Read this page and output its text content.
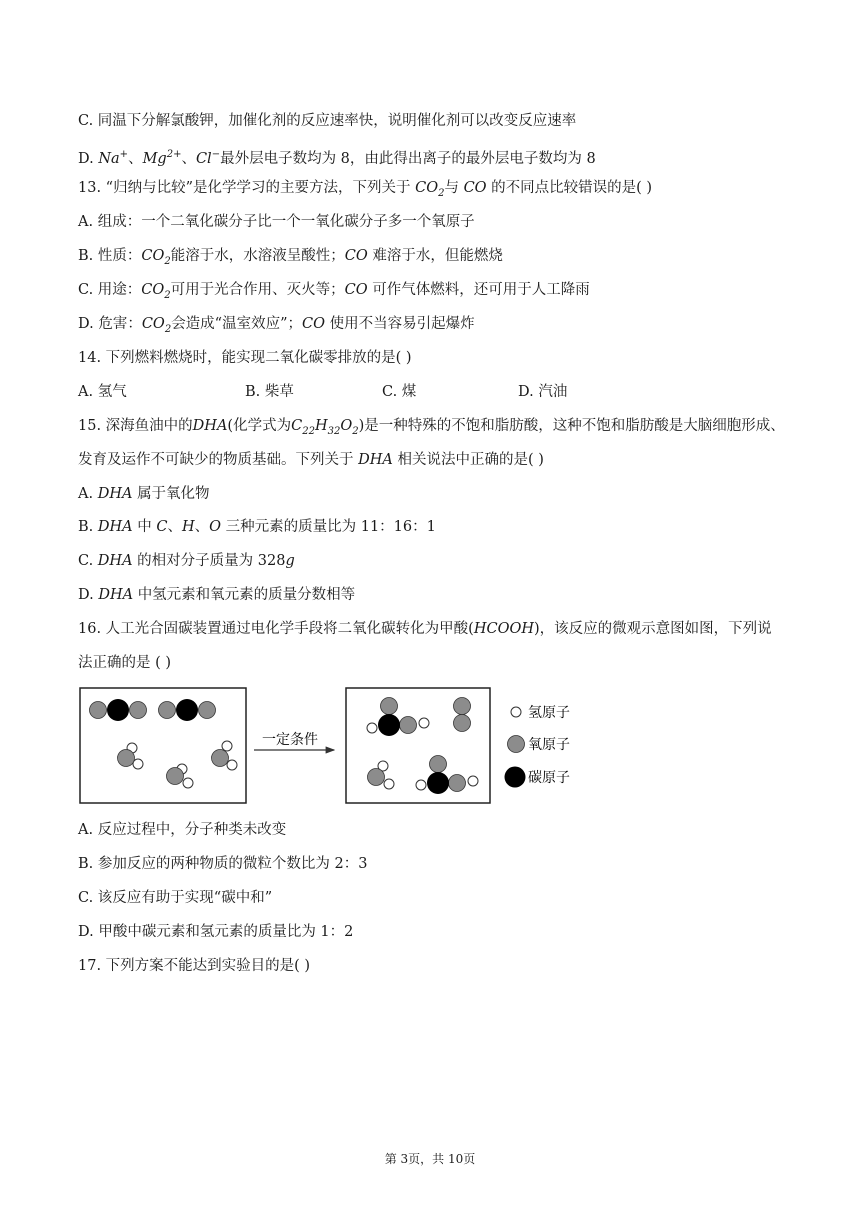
C. 同温下分解氯酸钾，加催化剂的反应速率快，说明催化剂可以改变反应速率
D. Na+、$Mg^{2+}$、Cl−最外层电子数均为 8，由此得出离子的最外层电子数均为 8
13. “归纳与比较”是化学学习的主要方法，下列关于 $CO_2$与 CO 的不同点比较错误的是( )
A. 组成：一个二氧化碳分子比一个一氧化碳分子多一个氧原子
B. 性质：$CO_2$能溶于水，水溶液呈酸性；CO 难溶于水，但能燃烧
C. 用途：$CO_2$可用于光合作用、灭火等；CO 可作气体燃料，还可用于人工降雨
D. 危害：$CO_2$会造成“温室效应”；CO 使用不当容易引起爆炸
14. 下列燃料燃烧时，能实现二氧化碳零排放的是( )
A. 氢气	B. 柴草	C. 煤	D. 汽油
15. 深海鱼油中的DHA(化学式为$C_{22}H_{32}O_2$)是一种特殊的不饱和脂肪酸，这种不饱和脂肪酸是大脑细胞形成、
发育及运作不可缺少的物质基础。下列关于 DHA 相关说法中正确的是( )
A. DHA 属于氧化物
B. DHA 中 C、H、O 三种元素的质量比为 11：16：1
C. DHA 的相对分子质量为 328g
D. DHA 中氢元素和氧元素的质量分数相等
16. 人工光合固碳装置通过电化学手段将二氧化碳转化为甲酸(HCOOH)，该反应的微观示意图如图，下列说
法正确的是 ( )
一定条件
氢原子
氧原子
碳原子
A. 反应过程中，分子种类未改变
B. 参加反应的两种物质的微粒个数比为 2：3
C. 该反应有助于实现“碳中和”
D. 甲酸中碳元素和氢元素的质量比为 1：2
17. 下列方案不能达到实验目的是( )
第 3页，共 10页
